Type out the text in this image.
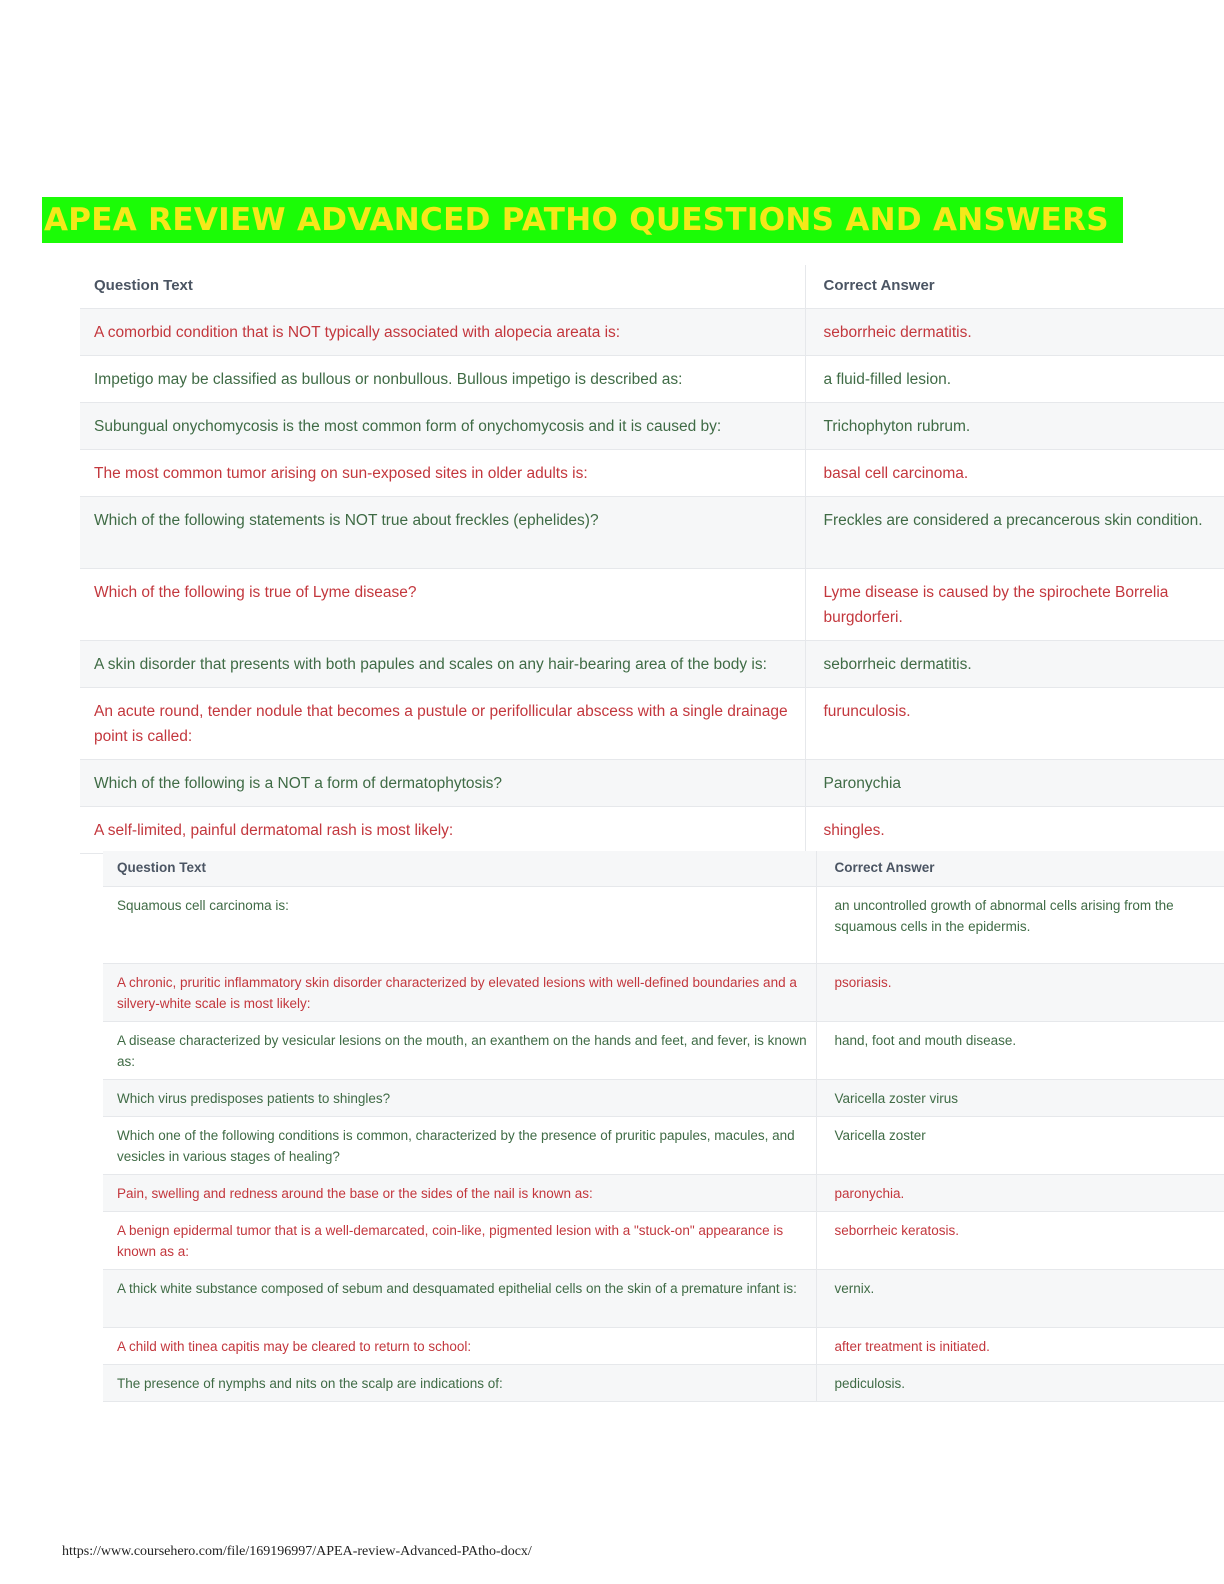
APEA REVIEW ADVANCED PATHO QUESTIONS AND ANSWERS
Question Text	Correct Answer
A comorbid condition that is NOT typically associated with alopecia areata is:	seborrheic dermatitis.
Impetigo may be classified as bullous or nonbullous. Bullous impetigo is described as:	a fluid-filled lesion.
Subungual onychomycosis is the most common form of onychomycosis and it is caused by:	Trichophyton rubrum.
The most common tumor arising on sun-exposed sites in older adults is:	basal cell carcinoma.
Which of the following statements is NOT true about freckles (ephelides)?	Freckles are considered a precancerous skin condition.
Which of the following is true of Lyme disease?	Lyme disease is caused by the spirochete Borrelia burgdorferi.
A skin disorder that presents with both papules and scales on any hair-bearing area of the body is:	seborrheic dermatitis.
An acute round, tender nodule that becomes a pustule or perifollicular abscess with a single drainage point is called:	furunculosis.
Which of the following is a NOT a form of dermatophytosis?	Paronychia
A self-limited, painful dermatomal rash is most likely:	shingles.
Question Text	Correct Answer
Squamous cell carcinoma is:	an uncontrolled growth of abnormal cells arising from the squamous cells in the epidermis.
A chronic, pruritic inflammatory skin disorder characterized by elevated lesions with well-defined boundaries and a silvery-white scale is most likely:	psoriasis.
A disease characterized by vesicular lesions on the mouth, an exanthem on the hands and feet, and fever, is known as:	hand, foot and mouth disease.
Which virus predisposes patients to shingles?	Varicella zoster virus
Which one of the following conditions is common, characterized by the presence of pruritic papules, macules, and vesicles in various stages of healing?	Varicella zoster
Pain, swelling and redness around the base or the sides of the nail is known as:	paronychia.
A benign epidermal tumor that is a well-demarcated, coin-like, pigmented lesion with a "stuck-on" appearance is known as a:	seborrheic keratosis.
A thick white substance composed of sebum and desquamated epithelial cells on the skin of a premature infant is:	vernix.
A child with tinea capitis may be cleared to return to school:	after treatment is initiated.
The presence of nymphs and nits on the scalp are indications of:	pediculosis.
https://www.coursehero.com/file/169196997/APEA-review-Advanced-PAtho-docx/
